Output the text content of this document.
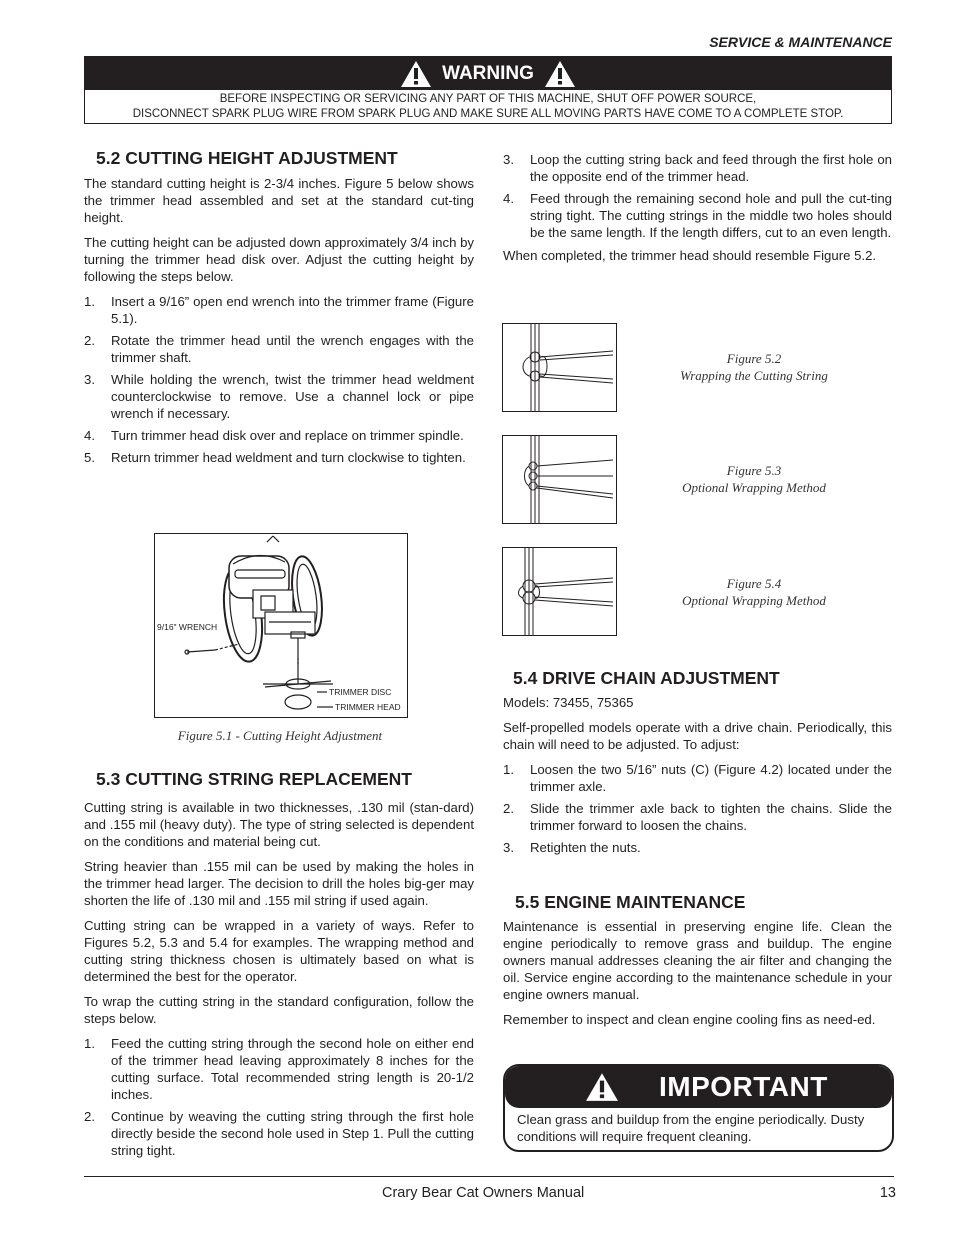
SERVICE & MAINTENANCE
WARNING
BEFORE INSPECTING OR SERVICING ANY PART OF THIS MACHINE, SHUT OFF POWER SOURCE,
DISCONNECT SPARK PLUG WIRE FROM SPARK PLUG AND MAKE SURE ALL MOVING PARTS HAVE COME TO A COMPLETE STOP.
5.2 CUTTING HEIGHT ADJUSTMENT

The standard cutting height is 2-3/4 inches. Figure 5 below shows the trimmer head assembled and set at the standard cut-ting height.

The cutting height can be adjusted down approximately 3/4 inch by turning the trimmer head disk over. Adjust the cutting height by following the steps below.

1. Insert a 9/16” open end wrench into the trimmer frame (Figure 5.1).
2. Rotate the trimmer head until the wrench engages with the trimmer shaft.
3. While holding the wrench, twist the trimmer head weldment counterclockwise to remove. Use a channel lock or pipe wrench if necessary.
4. Turn trimmer head disk over and replace on trimmer spindle.
5. Return trimmer head weldment and turn clockwise to tighten.
9/16" WRENCH
TRIMMER DISC
TRIMMER HEAD
Figure 5.1 - Cutting Height Adjustment
5.3 CUTTING STRING REPLACEMENT

Cutting string is available in two thicknesses, .130 mil (stan-dard) and .155 mil (heavy duty). The type of string selected is dependent on the conditions and material being cut.

String heavier than .155 mil can be used by making the holes in the trimmer head larger. The decision to drill the holes big-ger may shorten the life of .130 mil and .155 mil string if used again.

Cutting string can be wrapped in a variety of ways. Refer to Figures 5.2, 5.3 and 5.4 for examples. The wrapping method and cutting string thickness chosen is ultimately based on what is determined the best for the operator.

To wrap the cutting string in the standard configuration, follow the steps below.

1. Feed the cutting string through the second hole on either end of the trimmer head leaving approximately 8 inches for the cutting surface. Total recommended string length is 20-1/2 inches.
2. Continue by weaving the cutting string through the first hole directly beside the second hole used in Step 1. Pull the cutting string tight.
3. Loop the cutting string back and feed through the first hole on the opposite end of the trimmer head.
4. Feed through the remaining second hole and pull the cut-ting string tight. The cutting strings in the middle two holes should be the same length. If the length differs, cut to an even length.

When completed, the trimmer head should resemble Figure 5.2.

Figure 5.2
Wrapping the Cutting String
Figure 5.3
Optional Wrapping Method
Figure 5.4
Optional Wrapping Method
5.4 DRIVE CHAIN ADJUSTMENT

Models: 73455, 75365

Self-propelled models operate with a drive chain. Periodically, this chain will need to be adjusted. To adjust:

1. Loosen the two 5/16” nuts (C) (Figure 4.2) located under the trimmer axle.
2. Slide the trimmer axle back to tighten the chains. Slide the trimmer forward to loosen the chains.
3. Retighten the nuts.
5.5 ENGINE MAINTENANCE

Maintenance is essential in preserving engine life. Clean the engine periodically to remove grass and buildup. The engine owners manual addresses cleaning the air filter and changing the oil. Service engine according to the maintenance schedule in your engine owners manual.

Remember to inspect and clean engine cooling fins as need-ed.

IMPORTANT
Clean grass and buildup from the engine periodically. Dusty conditions will require frequent cleaning.
Crary Bear Cat Owners Manual	13
